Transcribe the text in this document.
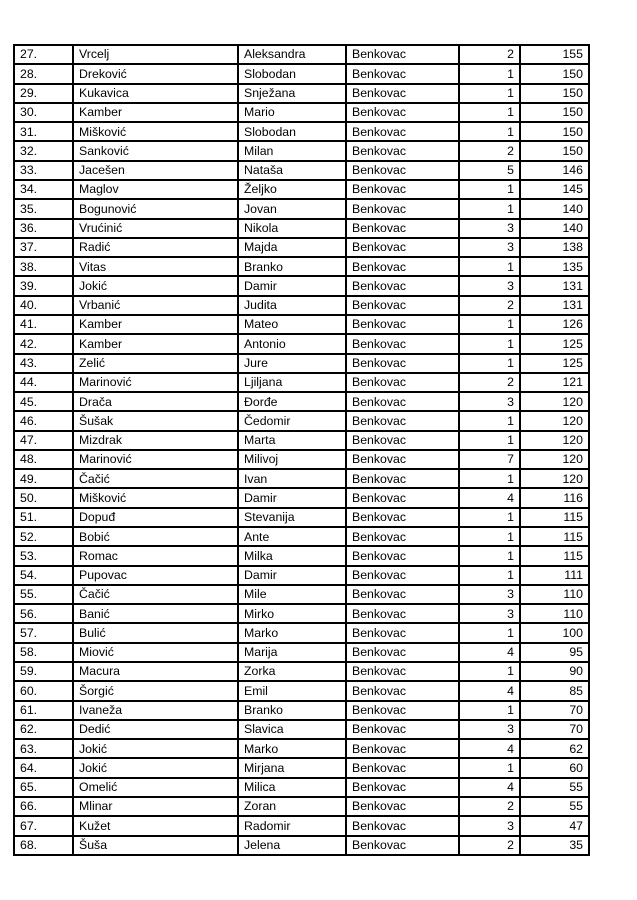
27.	Vrcelj	Aleksandra	Benkovac	2	155
28.	Dreković	Slobodan	Benkovac	1	150
29.	Kukavica	Snježana	Benkovac	1	150
30.	Kamber	Mario	Benkovac	1	150
31.	Mišković	Slobodan	Benkovac	1	150
32.	Sanković	Milan	Benkovac	2	150
33.	Jacešen	Nataša	Benkovac	5	146
34.	Maglov	Željko	Benkovac	1	145
35.	Bogunović	Jovan	Benkovac	1	140
36.	Vrućinić	Nikola	Benkovac	3	140
37.	Radić	Majda	Benkovac	3	138
38.	Vitas	Branko	Benkovac	1	135
39.	Jokić	Damir	Benkovac	3	131
40.	Vrbanić	Judita	Benkovac	2	131
41.	Kamber	Mateo	Benkovac	1	126
42.	Kamber	Antonio	Benkovac	1	125
43.	Zelić	Jure	Benkovac	1	125
44.	Marinović	Ljiljana	Benkovac	2	121
45.	Drača	Đorđe	Benkovac	3	120
46.	Šušak	Čedomir	Benkovac	1	120
47.	Mizdrak	Marta	Benkovac	1	120
48.	Marinović	Milivoj	Benkovac	7	120
49.	Čačić	Ivan	Benkovac	1	120
50.	Mišković	Damir	Benkovac	4	116
51.	Dopuđ	Stevanija	Benkovac	1	115
52.	Bobić	Ante	Benkovac	1	115
53.	Romac	Milka	Benkovac	1	115
54.	Pupovac	Damir	Benkovac	1	111
55.	Čačić	Mile	Benkovac	3	110
56.	Banić	Mirko	Benkovac	3	110
57.	Bulić	Marko	Benkovac	1	100
58.	Miović	Marija	Benkovac	4	95
59.	Macura	Zorka	Benkovac	1	90
60.	Šorgić	Emil	Benkovac	4	85
61.	Ivaneža	Branko	Benkovac	1	70
62.	Dedić	Slavica	Benkovac	3	70
63.	Jokić	Marko	Benkovac	4	62
64.	Jokić	Mirjana	Benkovac	1	60
65.	Omelić	Milica	Benkovac	4	55
66.	Mlinar	Zoran	Benkovac	2	55
67.	Kužet	Radomir	Benkovac	3	47
68.	Šuša	Jelena	Benkovac	2	35
